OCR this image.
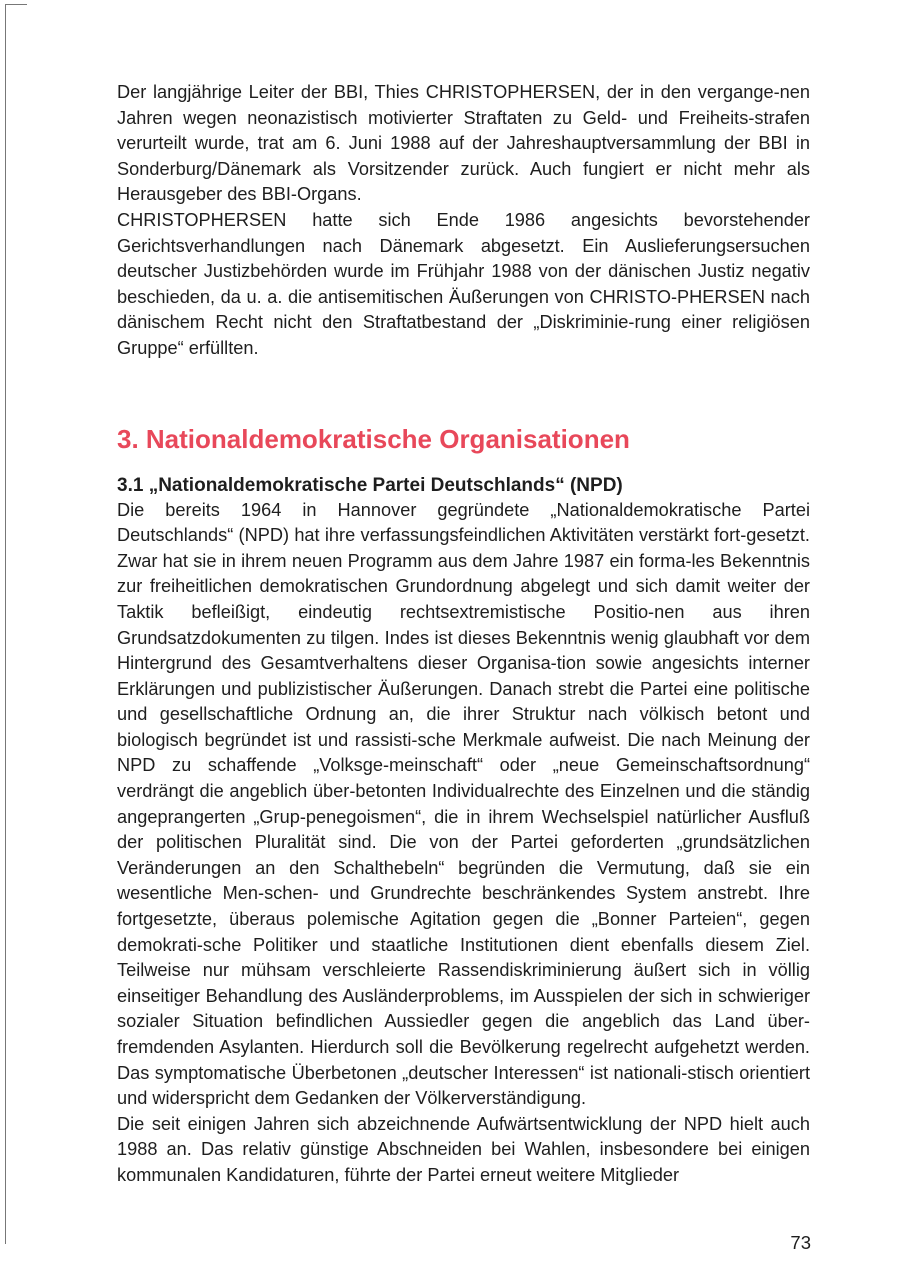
Der langjährige Leiter der BBI, Thies CHRISTOPHERSEN, der in den vergange-nen Jahren wegen neonazistisch motivierter Straftaten zu Geld- und Freiheits-strafen verurteilt wurde, trat am 6. Juni 1988 auf der Jahreshauptversammlung der BBI in Sonderburg/Dänemark als Vorsitzender zurück. Auch fungiert er nicht mehr als Herausgeber des BBI-Organs.

CHRISTOPHERSEN hatte sich Ende 1986 angesichts bevorstehender Gerichtsverhandlungen nach Dänemark abgesetzt. Ein Auslieferungsersuchen deutscher Justizbehörden wurde im Frühjahr 1988 von der dänischen Justiz negativ beschieden, da u. a. die antisemitischen Äußerungen von CHRISTO-PHERSEN nach dänischem Recht nicht den Straftatbestand der „Diskriminie-rung einer religiösen Gruppe“ erfüllten.

3. Nationaldemokratische Organisationen
3.1 „Nationaldemokratische Partei Deutschlands“ (NPD)

Die bereits 1964 in Hannover gegründete „Nationaldemokratische Partei Deutschlands“ (NPD) hat ihre verfassungsfeindlichen Aktivitäten verstärkt fort-gesetzt. Zwar hat sie in ihrem neuen Programm aus dem Jahre 1987 ein forma-les Bekenntnis zur freiheitlichen demokratischen Grundordnung abgelegt und sich damit weiter der Taktik befleißigt, eindeutig rechtsextremistische Positio-nen aus ihren Grundsatzdokumenten zu tilgen. Indes ist dieses Bekenntnis wenig glaubhaft vor dem Hintergrund des Gesamtverhaltens dieser Organisa-tion sowie angesichts interner Erklärungen und publizistischer Äußerungen. Danach strebt die Partei eine politische und gesellschaftliche Ordnung an, die ihrer Struktur nach völkisch betont und biologisch begründet ist und rassisti-sche Merkmale aufweist. Die nach Meinung der NPD zu schaffende „Volksge-meinschaft“ oder „neue Gemeinschaftsordnung“ verdrängt die angeblich über-betonten Individualrechte des Einzelnen und die ständig angeprangerten „Grup-penegoismen“, die in ihrem Wechselspiel natürlicher Ausfluß der politischen Pluralität sind. Die von der Partei geforderten „grundsätzlichen Veränderungen an den Schalthebeln“ begründen die Vermutung, daß sie ein wesentliche Men-schen- und Grundrechte beschränkendes System anstrebt. Ihre fortgesetzte, überaus polemische Agitation gegen die „Bonner Parteien“, gegen demokrati-sche Politiker und staatliche Institutionen dient ebenfalls diesem Ziel. Teilweise nur mühsam verschleierte Rassendiskriminierung äußert sich in völlig einseitiger Behandlung des Ausländerproblems, im Ausspielen der sich in schwieriger sozialer Situation befindlichen Aussiedler gegen die angeblich das Land über-fremdenden Asylanten. Hierdurch soll die Bevölkerung regelrecht aufgehetzt werden. Das symptomatische Überbetonen „deutscher Interessen“ ist nationali-stisch orientiert und widerspricht dem Gedanken der Völkerverständigung.

Die seit einigen Jahren sich abzeichnende Aufwärtsentwicklung der NPD hielt auch 1988 an. Das relativ günstige Abschneiden bei Wahlen, insbesondere bei einigen kommunalen Kandidaturen, führte der Partei erneut weitere Mitglieder

73
